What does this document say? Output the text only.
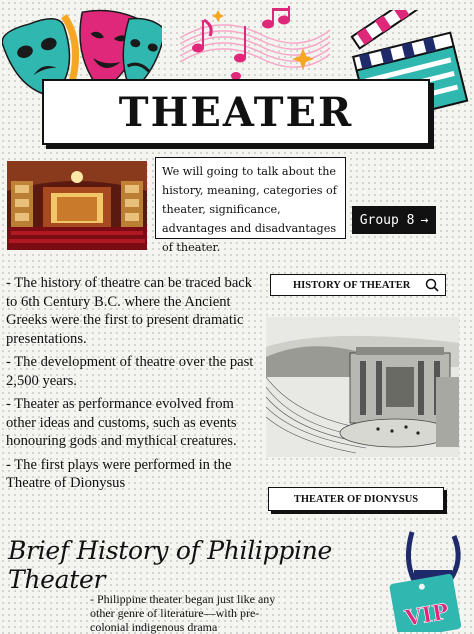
THEATER
We will going to talk about the history, meaning, categories of theater, significance, advantages and disadvantages of theater.
Group 8 →

- The history of theatre can be traced back to 6th Century B.C. where the Ancient Greeks were the first to present dramatic presentations.

- The development of theatre over the past 2,500 years.

- Theater as performance evolved from other ideas and customs, such as events honouring gods and mythical creatures.

- The first plays were performed in the Theatre of Dionysus

HISTORY OF THEATER
THEATER OF DIONYSUS
Brief History of Philippine Theater
VIP
- Philippine theater began just like any other genre of literature—with pre-colonial indigenous drama
